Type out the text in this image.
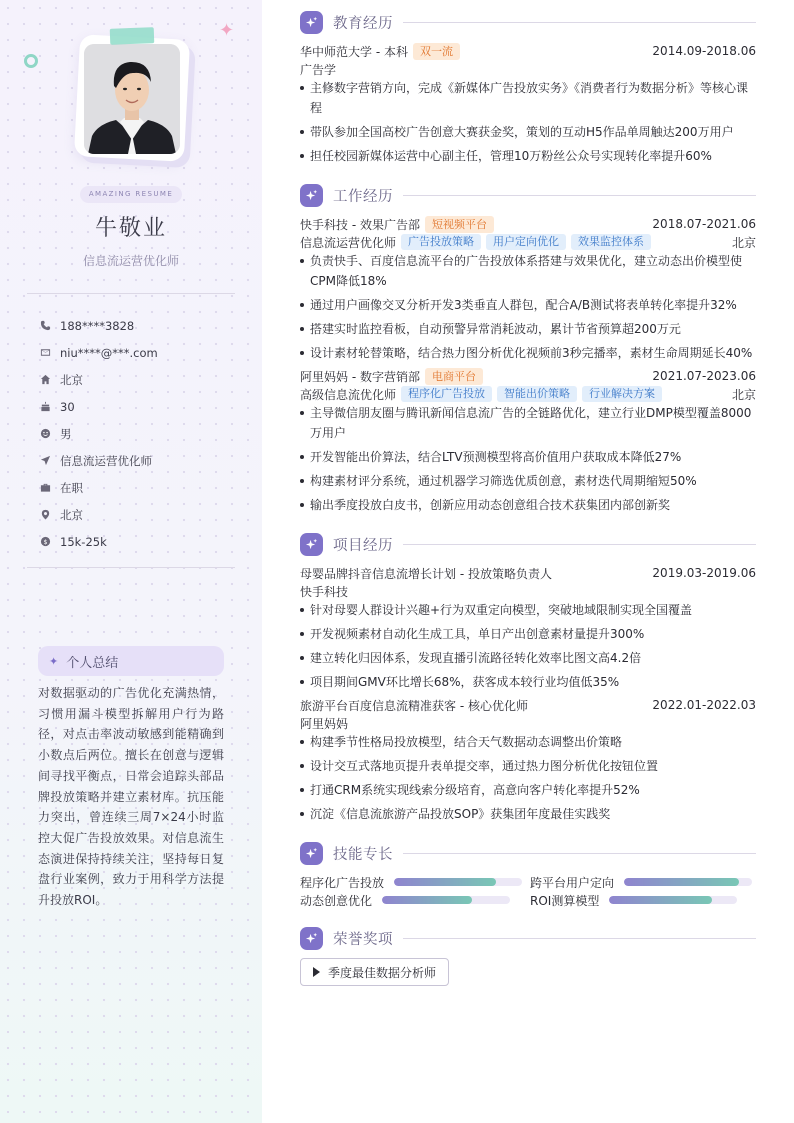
✦
AMAZING RESUME
牛敬业
信息流运营优化师
188****3828
niu****@***.com
北京
30
男
信息流运营优化师
在职
北京
$ 15k-25k
✦ 个人总结
对数据驱动的广告优化充满热情，习惯用漏斗模型拆解用户行为路径，对点击率波动敏感到能精确到小数点后两位。擅长在创意与逻辑间寻找平衡点，日常会追踪头部品牌投放策略并建立素材库。抗压能力突出，曾连续三周7×24小时监控大促广告投放效果。对信息流生态演进保持持续关注，坚持每日复盘行业案例，致力于用科学方法提升投放ROI。
教育经历
华中师范大学 - 本科	双一流	2014.09-2018.06
广告学
主修数字营销方向，完成《新媒体广告投放实务》《消费者行为数据分析》等核心课程
带队参加全国高校广告创意大赛获金奖，策划的互动H5作品单周触达200万用户
担任校园新媒体运营中心副主任，管理10万粉丝公众号实现转化率提升60%
工作经历
快手科技 - 效果广告部	短视频平台	2018.07-2021.06
信息流运营优化师	广告投放策略	用户定向优化	效果监控体系	北京
负责快手、百度信息流平台的广告投放体系搭建与效果优化，建立动态出价模型使CPM降低18%
通过用户画像交叉分析开发3类垂直人群包，配合A/B测试将表单转化率提升32%
搭建实时监控看板，自动预警异常消耗波动，累计节省预算超200万元
设计素材轮替策略，结合热力图分析优化视频前3秒完播率，素材生命周期延长40%
阿里妈妈 - 数字营销部	电商平台	2021.07-2023.06
高级信息流优化师	程序化广告投放	智能出价策略	行业解决方案	北京
主导微信朋友圈与腾讯新闻信息流广告的全链路优化，建立行业DMP模型覆盖8000万用户
开发智能出价算法，结合LTV预测模型将高价值用户获取成本降低27%
构建素材评分系统，通过机器学习筛选优质创意，素材迭代周期缩短50%
输出季度投放白皮书，创新应用动态创意组合技术获集团内部创新奖
项目经历
母婴品牌抖音信息流增长计划 - 投放策略负责人	2019.03-2019.06
快手科技
针对母婴人群设计兴趣+行为双重定向模型，突破地域限制实现全国覆盖
开发视频素材自动化生成工具，单日产出创意素材量提升300%
建立转化归因体系，发现直播引流路径转化效率比图文高4.2倍
项目期间GMV环比增长68%，获客成本较行业均值低35%
旅游平台百度信息流精准获客 - 核心优化师	2022.01-2022.03
阿里妈妈
构建季节性格局投放模型，结合天气数据动态调整出价策略
设计交互式落地页提升表单提交率，通过热力图分析优化按钮位置
打通CRM系统实现线索分级培育，高意向客户转化率提升52%
沉淀《信息流旅游产品投放SOP》获集团年度最佳实践奖
技能专长
程序化广告投放	跨平台用户定向
动态创意优化	ROI测算模型
荣誉奖项
季度最佳数据分析师
